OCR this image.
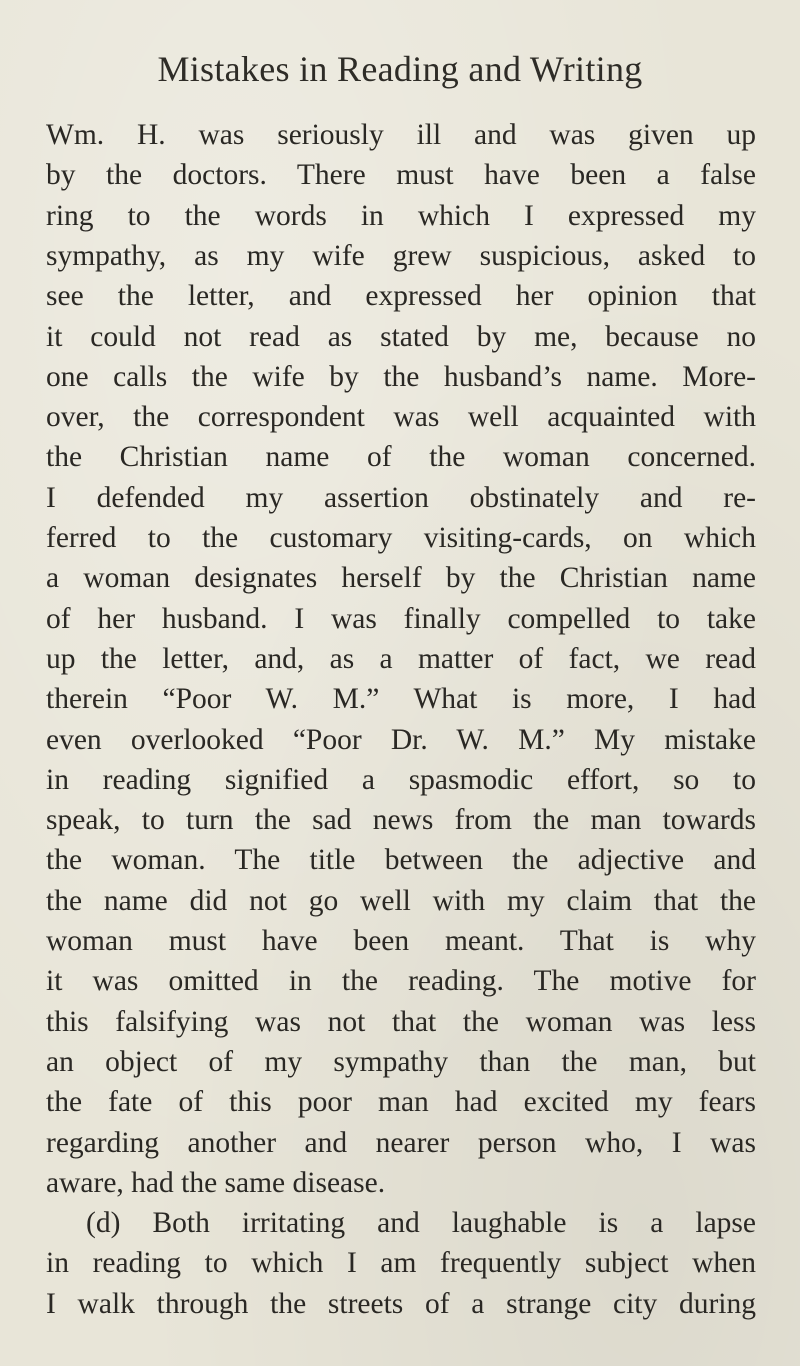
Mistakes in Reading and Writing
Wm. H. was seriously ill and was given up
by the doctors. There must have been a false
ring to the words in which I expressed my
sympathy, as my wife grew suspicious, asked to
see the letter, and expressed her opinion that
it could not read as stated by me, because no
one calls the wife by the husband’s name. More-
over, the correspondent was well acquainted with
the Christian name of the woman concerned.
I defended my assertion obstinately and re-
ferred to the customary visiting-cards, on which
a woman designates herself by the Christian name
of her husband. I was finally compelled to take
up the letter, and, as a matter of fact, we read
therein “Poor W. M.” What is more, I had
even overlooked “Poor Dr. W. M.” My mistake
in reading signified a spasmodic effort, so to
speak, to turn the sad news from the man towards
the woman. The title between the adjective and
the name did not go well with my claim that the
woman must have been meant. That is why
it was omitted in the reading. The motive for
this falsifying was not that the woman was less
an object of my sympathy than the man, but
the fate of this poor man had excited my fears
regarding another and nearer person who, I was
aware, had the same disease.
(d) Both irritating and laughable is a lapse
in reading to which I am frequently subject when
I walk through the streets of a strange city during
